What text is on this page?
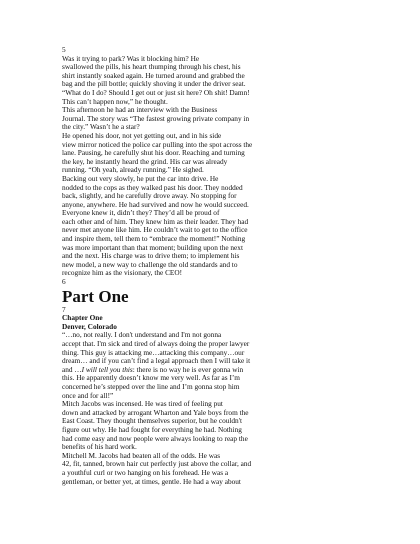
5
Was it trying to park? Was it blocking him? He
swallowed the pills, his heart thumping through his chest, his
shirt instantly soaked again. He turned around and grabbed the
bag and the pill bottle; quickly shoving it under the driver seat.
“What do I do? Should I get out or just sit here? Oh shit! Damn!
This can’t happen now,” he thought.
This afternoon he had an interview with the Business
Journal. The story was “The fastest growing private company in
the city.” Wasn’t he a star?
He opened his door, not yet getting out, and in his side
view mirror noticed the police car pulling into the spot across the
lane. Pausing, he carefully shut his door. Reaching and turning
the key, he instantly heard the grind. His car was already
running. “Oh yeah, already running.” He sighed.
Backing out very slowly, he put the car into drive. He
nodded to the cops as they walked past his door. They nodded
back, slightly, and he carefully drove away. No stopping for
anyone, anywhere. He had survived and now he would succeed.
Everyone knew it, didn’t they? They’d all be proud of
each other and of him. They knew him as their leader. They had
never met anyone like him. He couldn’t wait to get to the office
and inspire them, tell them to “embrace the moment!” Nothing
was more important than that moment; building upon the next
and the next. His charge was to drive them; to implement his
new model, a new way to challenge the old standards and to
recognize him as the visionary, the CEO!
6
Part One
7
Chapter One
Denver, Colorado
“…no, not really. I don't understand and I'm not gonna
accept that. I'm sick and tired of always doing the proper lawyer
thing. This guy is attacking me…attacking this company…our
dream… and if you can’t find a legal approach then I will take it
and …I will tell you this: there is no way he is ever gonna win
this. He apparently doesn’t know me very well. As far as I’m
concerned he’s stepped over the line and I’m gonna stop him
once and for all!”
Mitch Jacobs was incensed. He was tired of feeling put
down and attacked by arrogant Wharton and Yale boys from the
East Coast. They thought themselves superior, but he couldn't
figure out why. He had fought for everything he had. Nothing
had come easy and now people were always looking to reap the
benefits of his hard work.
Mitchell M. Jacobs had beaten all of the odds. He was
42, fit, tanned, brown hair cut perfectly just above the collar, and
a youthful curl or two hanging on his forehead. He was a
gentleman, or better yet, at times, gentle. He had a way about
